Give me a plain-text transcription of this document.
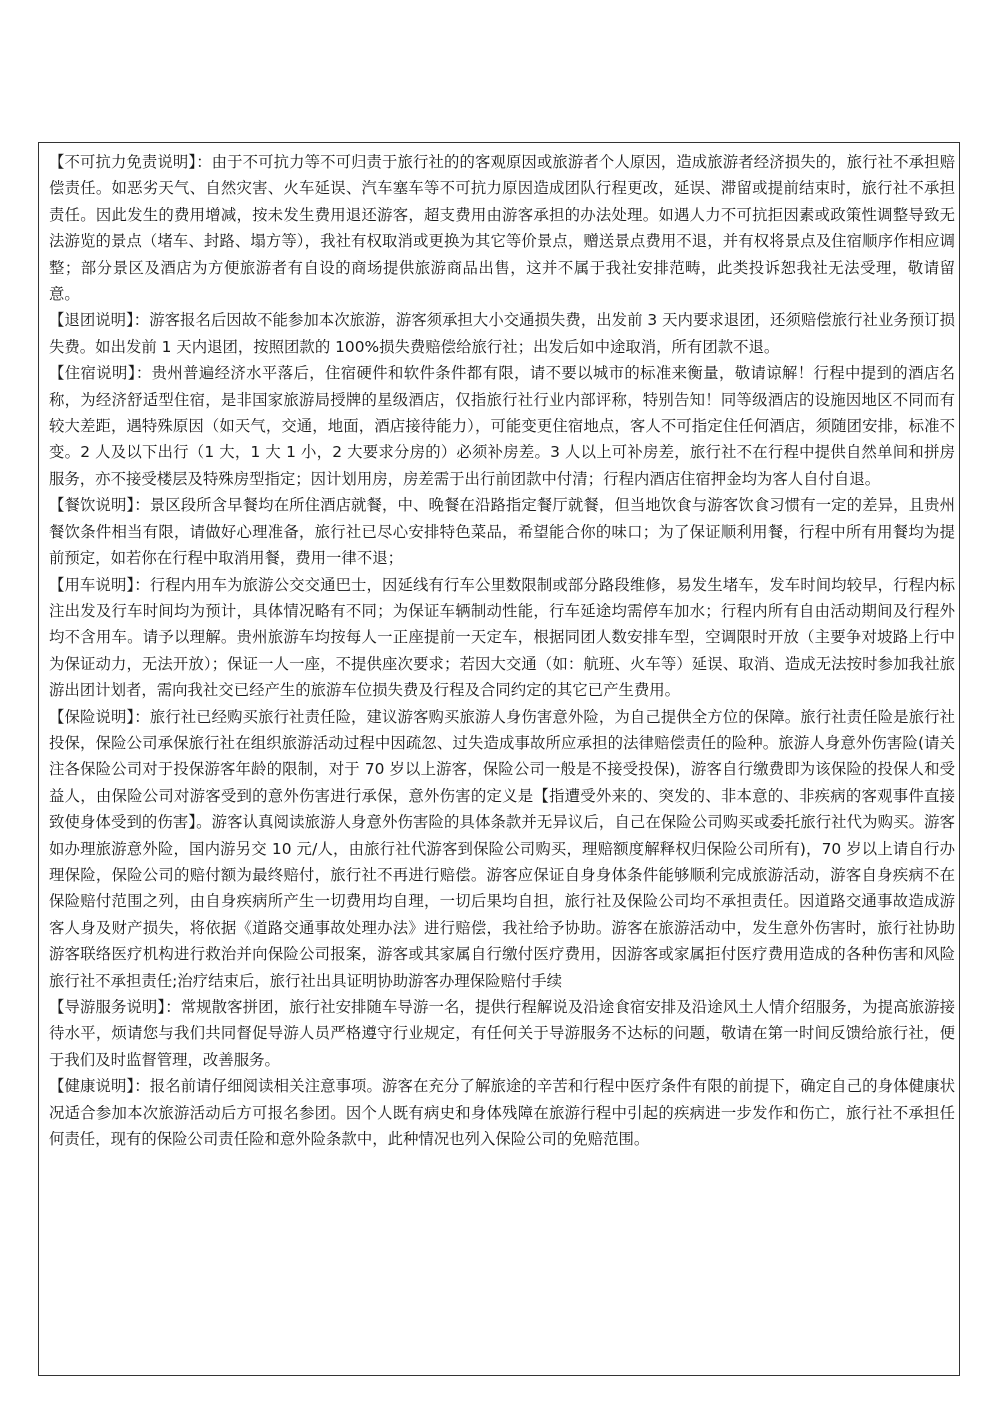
【不可抗力免责说明】：由于不可抗力等不可归责于旅行社的的客观原因或旅游者个人原因，造成旅游者经济损失的，旅行社不承担赔偿责任。如恶劣天气、自然灾害、火车延误、汽车塞车等不可抗力原因造成团队行程更改，延误、滞留或提前结束时，旅行社不承担责任。因此发生的费用增减，按未发生费用退还游客，超支费用由游客承担的办法处理。如遇人力不可抗拒因素或政策性调整导致无法游览的景点（堵车、封路、塌方等），我社有权取消或更换为其它等价景点，赠送景点费用不退，并有权将景点及住宿顺序作相应调整；部分景区及酒店为方便旅游者有自设的商场提供旅游商品出售，这并不属于我社安排范畴，此类投诉恕我社无法受理，敬请留意。

【退团说明】：游客报名后因故不能参加本次旅游，游客须承担大小交通损失费，出发前 3 天内要求退团，还须赔偿旅行社业务预订损失费。如出发前 1 天内退团，按照团款的 100%损失费赔偿给旅行社；出发后如中途取消，所有团款不退。

【住宿说明】：贵州普遍经济水平落后，住宿硬件和软件条件都有限，请不要以城市的标准来衡量，敬请谅解！行程中提到的酒店名称，为经济舒适型住宿，是非国家旅游局授牌的星级酒店，仅指旅行社行业内部评称，特别告知！同等级酒店的设施因地区不同而有较大差距，遇特殊原因（如天气，交通，地面，酒店接待能力），可能变更住宿地点，客人不可指定住任何酒店，须随团安排，标准不变。2 人及以下出行（1 大，1 大 1 小，2 大要求分房的）必须补房差。3 人以上可补房差，旅行社不在行程中提供自然单间和拼房服务，亦不接受楼层及特殊房型指定；因计划用房，房差需于出行前团款中付清；行程内酒店住宿押金均为客人自付自退。

【餐饮说明】：景区段所含早餐均在所住酒店就餐，中、晚餐在沿路指定餐厅就餐，但当地饮食与游客饮食习惯有一定的差异，且贵州餐饮条件相当有限，请做好心理准备，旅行社已尽心安排特色菜品，希望能合你的味口；为了保证顺利用餐，行程中所有用餐均为提前预定，如若你在行程中取消用餐，费用一律不退；

【用车说明】：行程内用车为旅游公交交通巴士，因延线有行车公里数限制或部分路段维修，易发生堵车，发车时间均较早，行程内标注出发及行车时间均为预计，具体情况略有不同；为保证车辆制动性能，行车延途均需停车加水；行程内所有自由活动期间及行程外均不含用车。请予以理解。贵州旅游车均按每人一正座提前一天定车，根据同团人数安排车型，空调限时开放（主要争对坡路上行中为保证动力，无法开放）；保证一人一座，不提供座次要求；若因大交通（如：航班、火车等）延误、取消、造成无法按时参加我社旅游出团计划者，需向我社交已经产生的旅游车位损失费及行程及合同约定的其它已产生费用。

【保险说明】：旅行社已经购买旅行社责任险，建议游客购买旅游人身伤害意外险，为自己提供全方位的保障。旅行社责任险是旅行社投保，保险公司承保旅行社在组织旅游活动过程中因疏忽、过失造成事故所应承担的法律赔偿责任的险种。旅游人身意外伤害险(请关注各保险公司对于投保游客年龄的限制，对于 70 岁以上游客，保险公司一般是不接受投保)，游客自行缴费即为该保险的投保人和受益人，由保险公司对游客受到的意外伤害进行承保，意外伤害的定义是【指遭受外来的、突发的、非本意的、非疾病的客观事件直接致使身体受到的伤害】。游客认真阅读旅游人身意外伤害险的具体条款并无异议后，自己在保险公司购买或委托旅行社代为购买。游客如办理旅游意外险，国内游另交 10 元/人，由旅行社代游客到保险公司购买，理赔额度解释权归保险公司所有)，70 岁以上请自行办理保险，保险公司的赔付额为最终赔付，旅行社不再进行赔偿。游客应保证自身身体条件能够顺利完成旅游活动，游客自身疾病不在保险赔付范围之列，由自身疾病所产生一切费用均自理，一切后果均自担，旅行社及保险公司均不承担责任。因道路交通事故造成游客人身及财产损失，将依据《道路交通事故处理办法》进行赔偿，我社给予协助。游客在旅游活动中，发生意外伤害时，旅行社协助游客联络医疗机构进行救治并向保险公司报案，游客或其家属自行缴付医疗费用，因游客或家属拒付医疗费用造成的各种伤害和风险旅行社不承担责任;治疗结束后，旅行社出具证明协助游客办理保险赔付手续

【导游服务说明】：常规散客拼团，旅行社安排随车导游一名，提供行程解说及沿途食宿安排及沿途风土人情介绍服务，为提高旅游接待水平，烦请您与我们共同督促导游人员严格遵守行业规定，有任何关于导游服务不达标的问题，敬请在第一时间反馈给旅行社，便于我们及时监督管理，改善服务。

【健康说明】：报名前请仔细阅读相关注意事项。游客在充分了解旅途的辛苦和行程中医疗条件有限的前提下，确定自己的身体健康状况适合参加本次旅游活动后方可报名参团。因个人既有病史和身体残障在旅游行程中引起的疾病进一步发作和伤亡，旅行社不承担任何责任，现有的保险公司责任险和意外险条款中，此种情况也列入保险公司的免赔范围。
